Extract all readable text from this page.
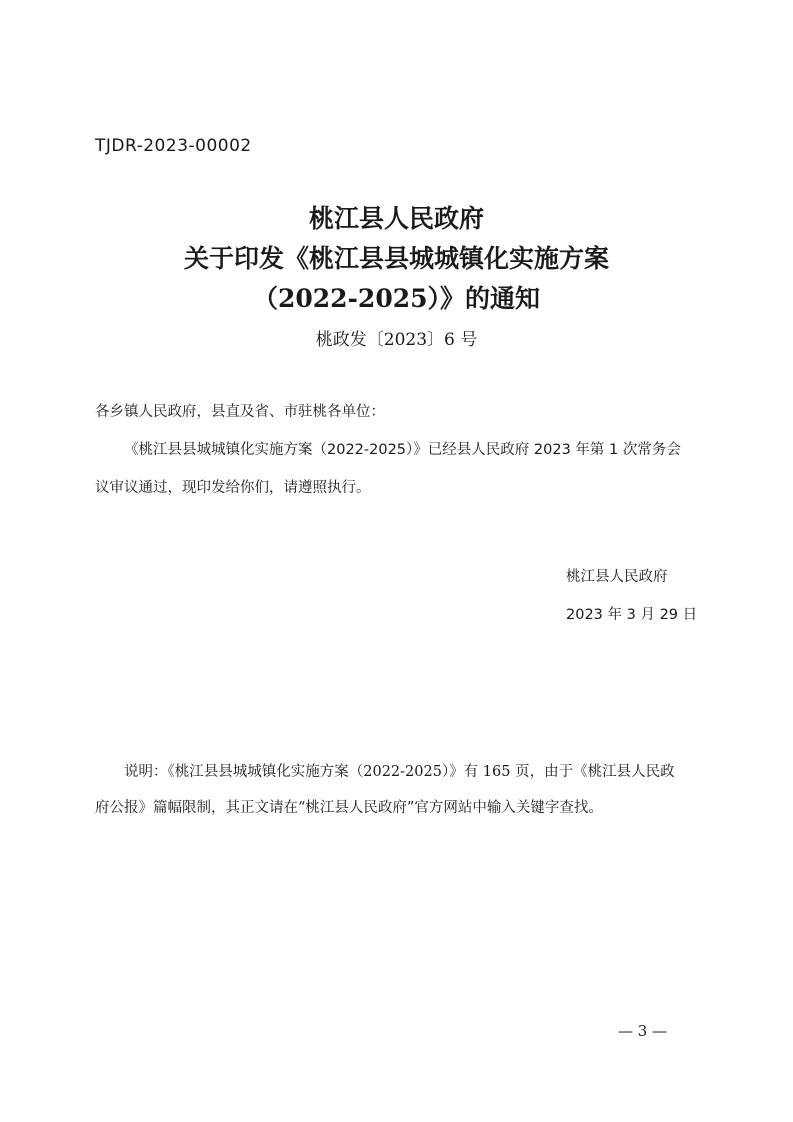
TJDR-2023-00002
桃江县人民政府
关于印发《桃江县县城城镇化实施方案
（2022-2025）》的通知
桃政发〔2023〕6 号

各乡镇人民政府，县直及省、市驻桃各单位：

《桃江县县城城镇化实施方案（2022-2025）》已经县人民政府 2023 年第 1 次常务会

议审议通过，现印发给你们，请遵照执行。

桃江县人民政府

2023 年 3 月 29 日

说明：《桃江县县城城镇化实施方案（2022-2025）》有 165 页，由于《桃江县人民政

府公报》篇幅限制，其正文请在“桃江县人民政府”官方网站中输入关键字查找。

— 3 —
